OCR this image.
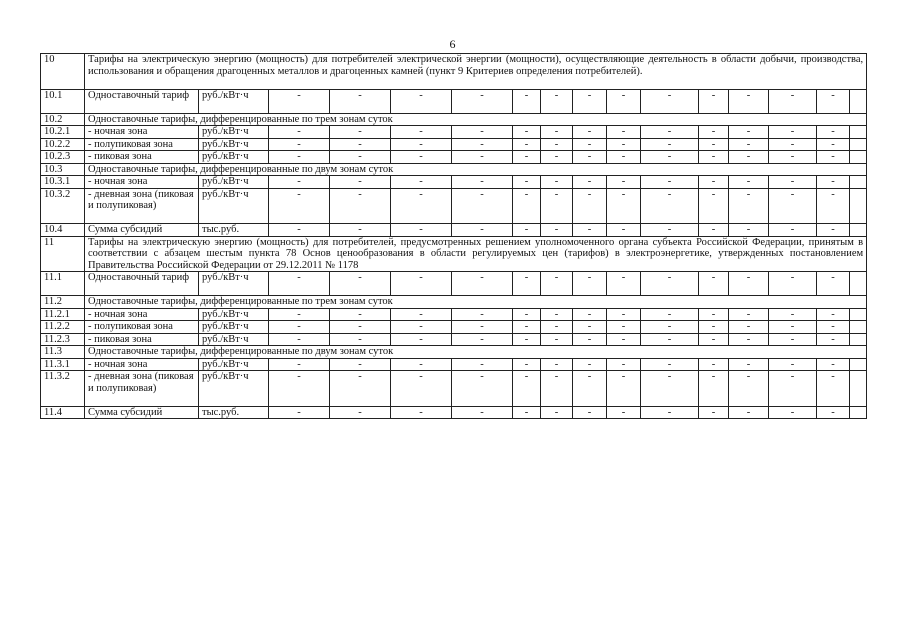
6
10	Тарифы на электрическую энергию (мощность) для потребителей электрической энергии (мощности), осуществляющие деятельность в области добычи, производства, использования и обращения драгоценных металлов и драгоценных камней (пункт 9 Критериев определения потребителей).															
10.1	Одноставочный тариф	руб./кВт·ч	-	-	-	-	-	-	-	-	-	-	-	-	-	
10.2	Одноставочные тарифы, дифференцированные по трем зонам суток															
10.2.1	- ночная зона	руб./кВт·ч	-	-	-	-	-	-	-	-	-	-	-	-	-	
10.2.2	- полупиковая зона	руб./кВт·ч	-	-	-	-	-	-	-	-	-	-	-	-	-	
10.2.3	- пиковая зона	руб./кВт·ч	-	-	-	-	-	-	-	-	-	-	-	-	-	
10.3	Одноставочные тарифы, дифференцированные по двум зонам суток															
10.3.1	- ночная зона	руб./кВт·ч	-	-	-	-	-	-	-	-	-	-	-	-	-	
10.3.2	- дневная зона (пиковая и полупиковая)	руб./кВт·ч	-	-	-	-	-	-	-	-	-	-	-	-	-	
10.4	Сумма субсидий	тыс.руб.	-	-	-	-	-	-	-	-	-	-	-	-	-	
11	Тарифы на электрическую энергию (мощность) для потребителей, предусмотренных решением уполномоченного органа субъекта Российской Федерации, принятым в соответствии с абзацем шестым пункта 78 Основ ценообразования в области регулируемых цен (тарифов) в электроэнергетике, утвержденных постановлением Правительства Российской Федерации от 29.12.2011 № 1178															
11.1	Одноставочный тариф	руб./кВт·ч	-	-	-	-	-	-	-	-	-	-	-	-	-	
11.2	Одноставочные тарифы, дифференцированные по трем зонам суток															
11.2.1	- ночная зона	руб./кВт·ч	-	-	-	-	-	-	-	-	-	-	-	-	-	
11.2.2	- полупиковая зона	руб./кВт·ч	-	-	-	-	-	-	-	-	-	-	-	-	-	
11.2.3	- пиковая зона	руб./кВт·ч	-	-	-	-	-	-	-	-	-	-	-	-	-	
11.3	Одноставочные тарифы, дифференцированные по двум зонам суток															
11.3.1	- ночная зона	руб./кВт·ч	-	-	-	-	-	-	-	-	-	-	-	-	-	
11.3.2	- дневная зона (пиковая и полупиковая)	руб./кВт·ч	-	-	-	-	-	-	-	-	-	-	-	-	-	
11.4	Сумма субсидий	тыс.руб.	-	-	-	-	-	-	-	-	-	-	-	-	-	
